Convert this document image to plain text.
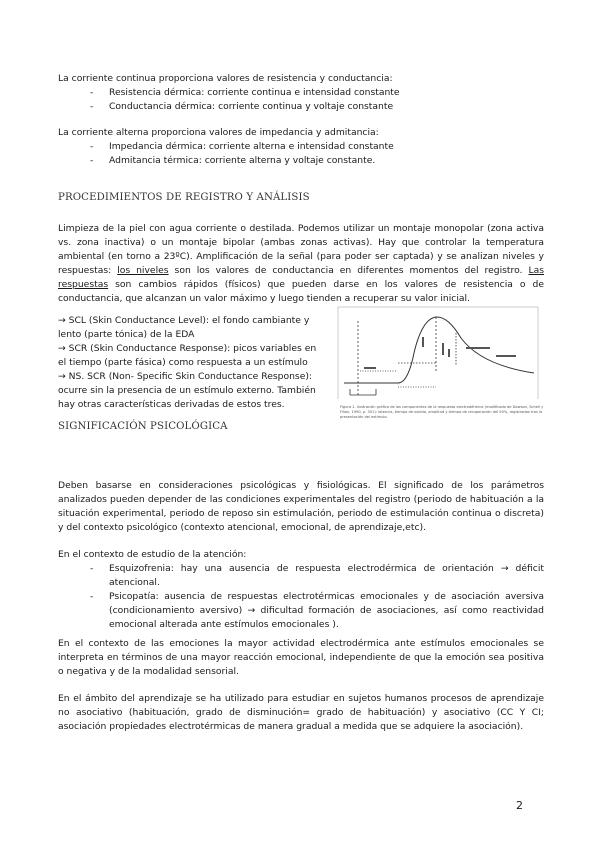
La corriente continua proporciona valores de resistencia y conductancia:

- Resistencia dérmica: corriente continua e intensidad constante
- Conductancia dérmica: corriente continua y voltaje constante

La corriente alterna proporciona valores de impedancia y admitancia:

- Impedancia dérmica: corriente alterna e intensidad constante
- Admitancia térmica: corriente alterna y voltaje constante.
PROCEDIMIENTOS DE REGISTRO Y ANÁLISIS

Limpieza de la piel con agua corriente o destilada. Podemos utilizar un montaje monopolar (zona activa vs. zona inactiva) o un montaje bipolar (ambas zonas activas). Hay que controlar la temperatura ambiental (en torno a 23ºC). Amplificación de la señal (para poder ser captada) y se analizan niveles y respuestas: los niveles son los valores de conductancia en diferentes momentos del registro. Las respuestas son cambios rápidos (físicos) que pueden darse en los valores de resistencia o de conductancia, que alcanzan un valor máximo y luego tienden a recuperar su valor inicial.

→ SCL (Skin Conductance Level): el fondo cambiante y lento (parte tónica) de la EDA
→ SCR (Skin Conductance Response): picos variables en el tiempo (parte fásica) como respuesta a un estímulo
→ NS. SCR (Non- Specific Skin Conductance Response): ocurre sin la presencia de un estímulo externo. También hay otras características derivadas de estos tres.	Figura 1. Ilustración gráfica de los componentes de la respuesta electrodérmica (modificado de Dawson, Schell y Filion, 1990, p. 301): latencia, tiempo de subida, amplitud y tiempo de recuperación del 50%, registrados tras la presentación del estímulo.

SIGNIFICACIÓN PSICOLÓGICA

Deben basarse en consideraciones psicológicas y fisiológicas. El significado de los parámetros analizados pueden depender de las condiciones experimentales del registro (periodo de habituación a la situación experimental, periodo de reposo sin estimulación, periodo de estimulación continua o discreta) y del contexto psicológico (contexto atencional, emocional, de aprendizaje,etc).

En el contexto de estudio de la atención:

- Esquizofrenia: hay una ausencia de respuesta electrodérmica de orientación → déficit atencional.
- Psicopatía: ausencia de respuestas electrotérmicas emocionales y de asociación aversiva (condicionamiento aversivo) → dificultad formación de asociaciones, así como reactividad emocional alterada ante estímulos emocionales ).

En el contexto de las emociones la mayor actividad electrodérmica ante estímulos emocionales se interpreta en términos de una mayor reacción emocional, independiente de que la emoción sea positiva o negativa y de la modalidad sensorial.

En el ámbito del aprendizaje se ha utilizado para estudiar en sujetos humanos procesos de aprendizaje no asociativo (habituación, grado de disminución= grado de habituación) y asociativo (CC Y CI; asociación propiedades electrotérmicas de manera gradual a medida que se adquiere la asociación).

2
